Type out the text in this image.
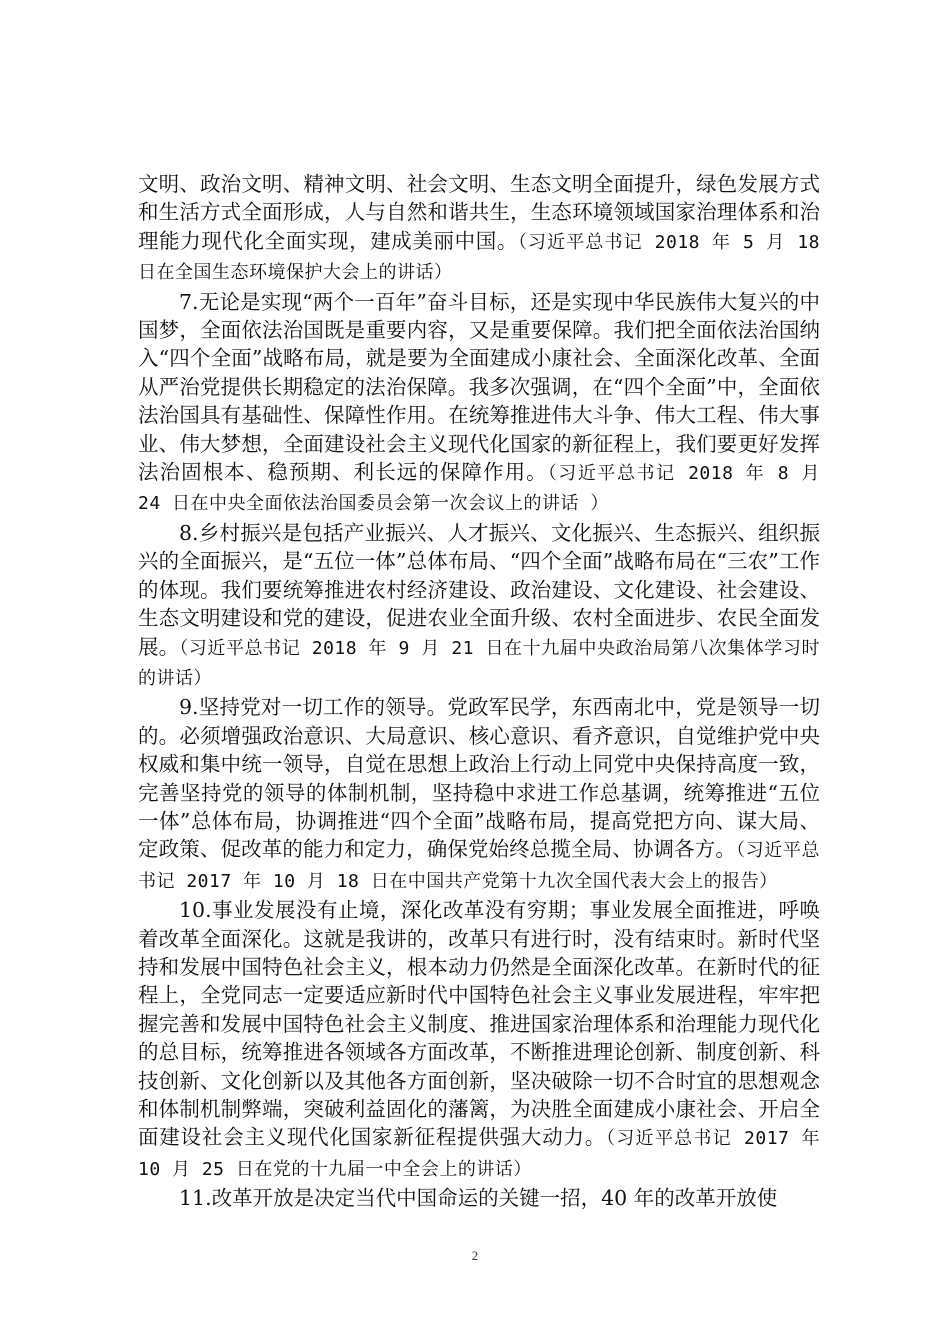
文明、政治文明、精神文明、社会文明、生态文明全面提升，绿色发展方式和生活方式全面形成，人与自然和谐共生，生态环境领域国家治理体系和治理能力现代化全面实现，建成美丽中国。（习近平总书记 2018 年 5 月 18 日在全国生态环境保护大会上的讲话）

7.无论是实现“两个一百年”奋斗目标，还是实现中华民族伟大复兴的中国梦，全面依法治国既是重要内容，又是重要保障。我们把全面依法治国纳入“四个全面”战略布局，就是要为全面建成小康社会、全面深化改革、全面从严治党提供长期稳定的法治保障。我多次强调，在“四个全面”中，全面依法治国具有基础性、保障性作用。在统筹推进伟大斗争、伟大工程、伟大事业、伟大梦想，全面建设社会主义现代化国家的新征程上，我们要更好发挥法治固根本、稳预期、利长远的保障作用。（习近平总书记 2018 年 8 月 24 日在中央全面依法治国委员会第一次会议上的讲话 ）

8.乡村振兴是包括产业振兴、人才振兴、文化振兴、生态振兴、组织振兴的全面振兴，是“五位一体”总体布局、“四个全面”战略布局在“三农”工作的体现。我们要统筹推进农村经济建设、政治建设、文化建设、社会建设、生态文明建设和党的建设，促进农业全面升级、农村全面进步、农民全面发展。（习近平总书记 2018 年 9 月 21 日在十九届中央政治局第八次集体学习时的讲话）

9.坚持党对一切工作的领导。党政军民学，东西南北中，党是领导一切的。必须增强政治意识、大局意识、核心意识、看齐意识，自觉维护党中央权威和集中统一领导，自觉在思想上政治上行动上同党中央保持高度一致，完善坚持党的领导的体制机制，坚持稳中求进工作总基调，统筹推进“五位一体”总体布局，协调推进“四个全面”战略布局，提高党把方向、谋大局、定政策、促改革的能力和定力，确保党始终总揽全局、协调各方。（习近平总书记 2017 年 10 月 18 日在中国共产党第十九次全国代表大会上的报告）

10.事业发展没有止境，深化改革没有穷期；事业发展全面推进，呼唤着改革全面深化。这就是我讲的，改革只有进行时，没有结束时。新时代坚持和发展中国特色社会主义，根本动力仍然是全面深化改革。在新时代的征程上，全党同志一定要适应新时代中国特色社会主义事业发展进程，牢牢把握完善和发展中国特色社会主义制度、推进国家治理体系和治理能力现代化的总目标，统筹推进各领域各方面改革，不断推进理论创新、制度创新、科技创新、文化创新以及其他各方面创新，坚决破除一切不合时宜的思想观念和体制机制弊端，突破利益固化的藩篱，为决胜全面建成小康社会、开启全面建设社会主义现代化国家新征程提供强大动力。（习近平总书记 2017 年 10 月 25 日在党的十九届一中全会上的讲话）

11.改革开放是决定当代中国命运的关键一招，40 年的改革开放使

2
